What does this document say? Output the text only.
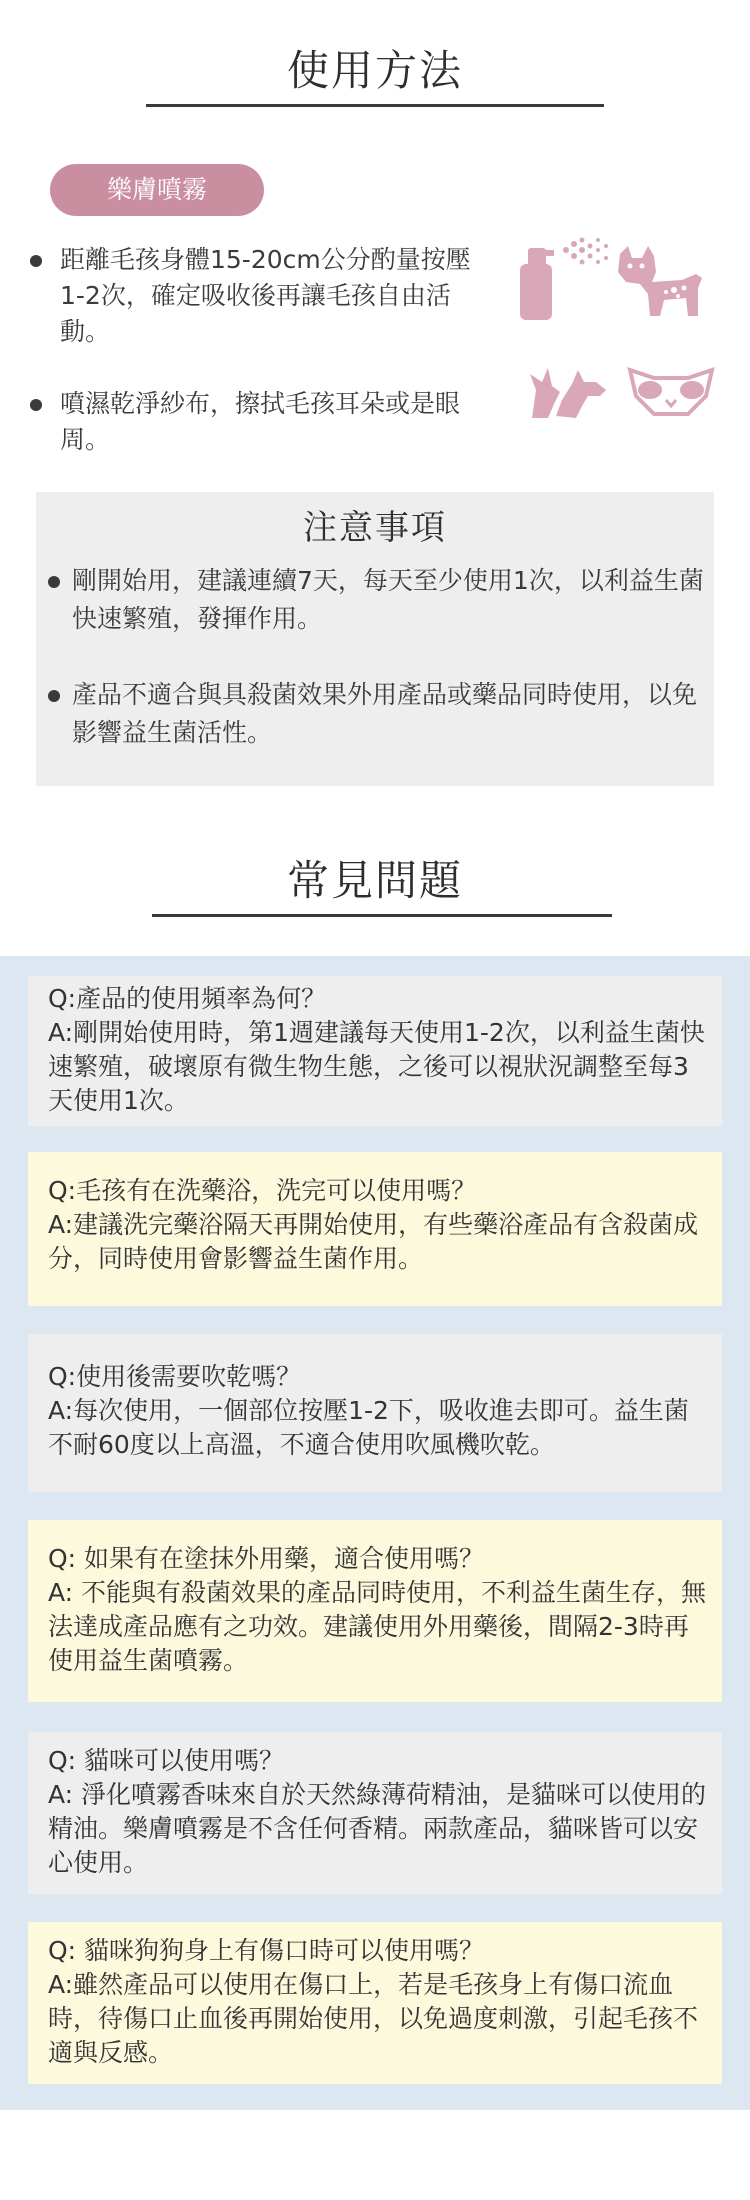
使用方法
樂膚噴霧
距離毛孩身體15-20cm公分酌量按壓1-2次，確定吸收後再讓毛孩自由活動。
噴濕乾淨紗布，擦拭毛孩耳朵或是眼周。
注意事項
剛開始用，建議連續7天，每天至少使用1次，以利益生菌快速繁殖，發揮作用。
產品不適合與具殺菌效果外用產品或藥品同時使用，以免影響益生菌活性。
常見問題
Q:產品的使用頻率為何？
A:剛開始使用時，第1週建議每天使用1-2次，以利益生菌快速繁殖，破壞原有微生物生態，之後可以視狀況調整至每3天使用1次。
Q:毛孩有在洗藥浴，洗完可以使用嗎？
A:建議洗完藥浴隔天再開始使用，有些藥浴產品有含殺菌成分，同時使用會影響益生菌作用。
Q:使用後需要吹乾嗎？
A:每次使用，一個部位按壓1-2下，吸收進去即可。益生菌不耐60度以上高溫，不適合使用吹風機吹乾。
Q: 如果有在塗抹外用藥，適合使用嗎？
A: 不能與有殺菌效果的產品同時使用，不利益生菌生存，無法達成產品應有之功效。建議使用外用藥後，間隔2-3時再使用益生菌噴霧。
Q: 貓咪可以使用嗎？
A: 淨化噴霧香味來自於天然綠薄荷精油，是貓咪可以使用的精油。樂膚噴霧是不含任何香精。兩款產品，貓咪皆可以安心使用。
Q: 貓咪狗狗身上有傷口時可以使用嗎？
A:雖然產品可以使用在傷口上，若是毛孩身上有傷口流血時，待傷口止血後再開始使用，以免過度刺激，引起毛孩不適與反感。
